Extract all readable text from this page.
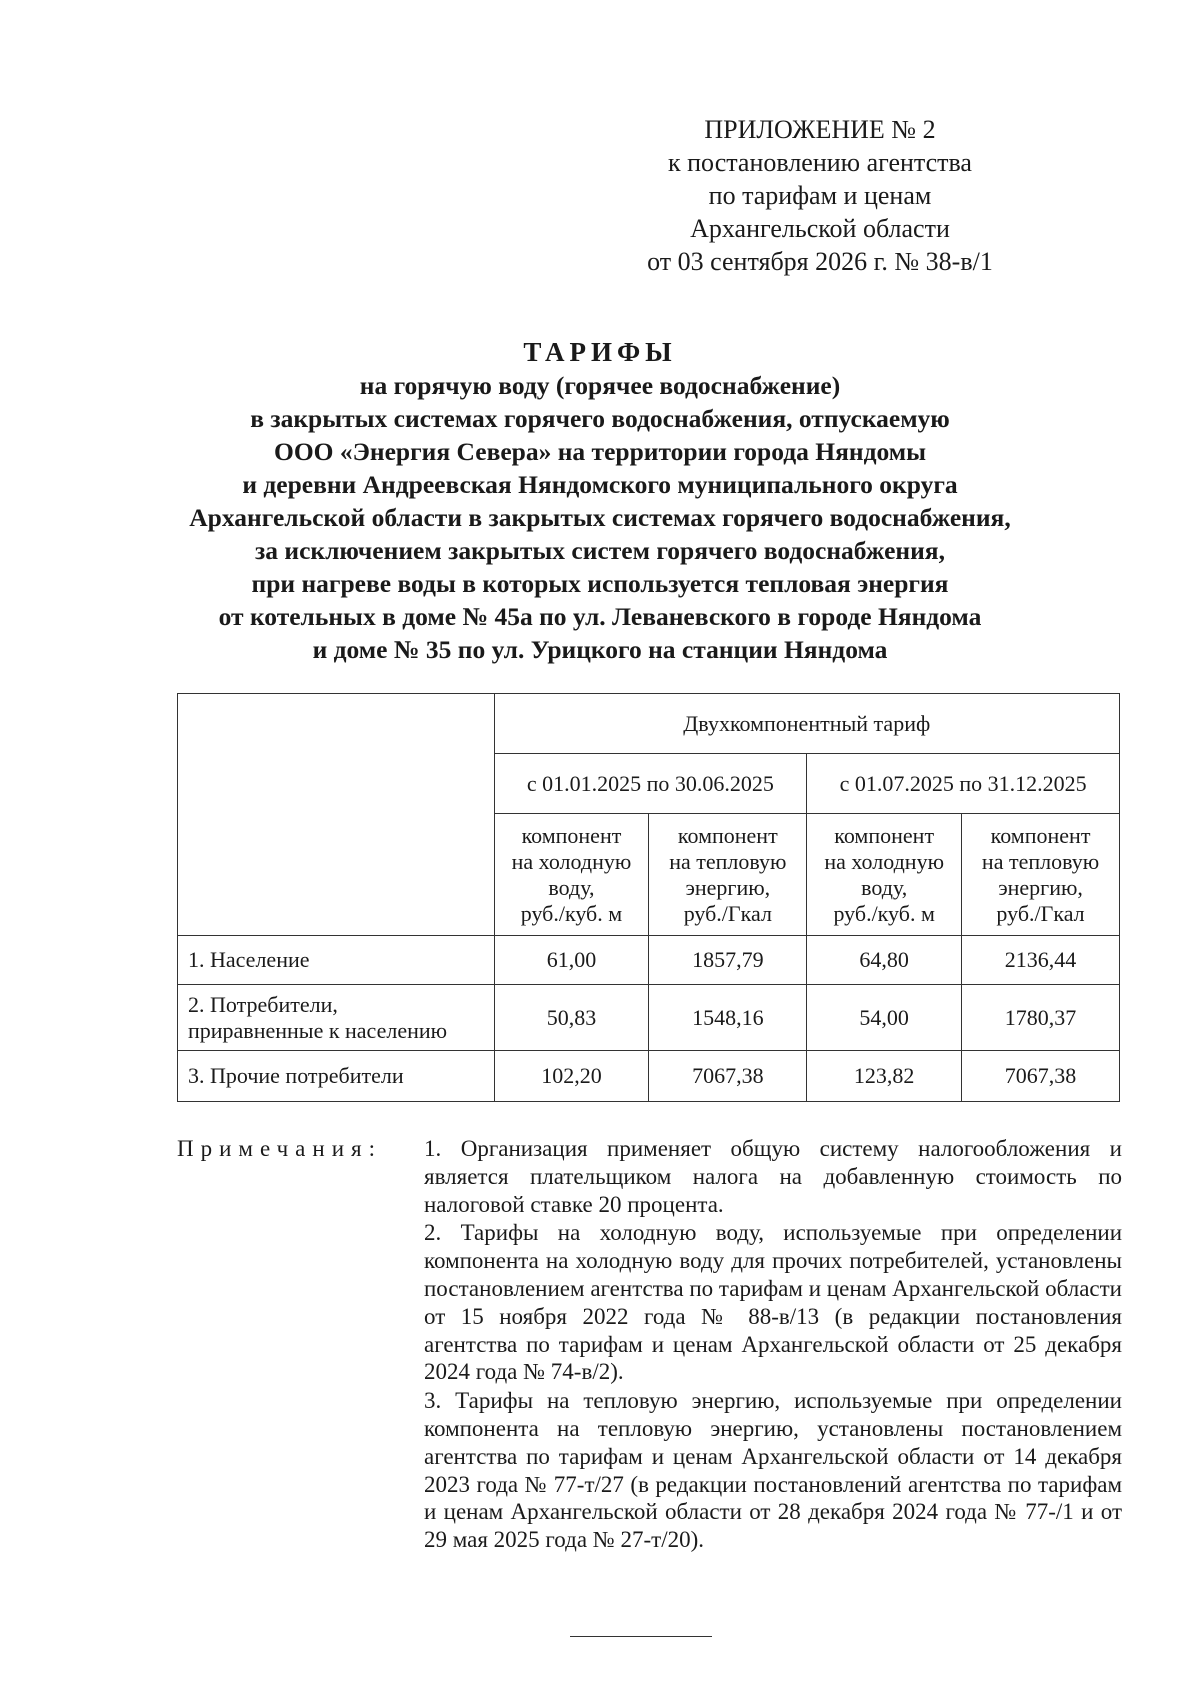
ПРИЛОЖЕНИЕ № 2
к постановлению агентства
по тарифам и ценам
Архангельской области
от 03 сентября 2026 г. № 38-в/1
ТАРИФЫ
на горячую воду (горячее водоснабжение)
в закрытых системах горячего водоснабжения, отпускаемую
ООО «Энергия Севера» на территории города Няндомы
и деревни Андреевская Няндомского муниципального округа
Архангельской области в закрытых системах горячего водоснабжения,
за исключением закрытых систем горячего водоснабжения,
при нагреве воды в которых используется тепловая энергия
от котельных в доме № 45а по ул. Леваневского в городе Няндома
и доме № 35 по ул. Урицкого на станции Няндома
	Двухкомпонентный тариф			
	с 01.01.2025 по 30.06.2025		с 01.07.2025 по 31.12.2025	
	компонент
на холодную
воду,
руб./куб. м	компонент
на тепловую
энергию,
руб./Гкал	компонент
на холодную
воду,
руб./куб. м	компонент
на тепловую
энергию,
руб./Гкал
1. Население	61,00	1857,79	64,80	2136,44
2. Потребители,
приравненные к населению	50,83	1548,16	54,00	1780,37
3. Прочие потребители	102,20	7067,38	123,82	7067,38
Примечания: 1. Организация применяет общую систему налогообложения и является плательщиком налога на добавленную стоимость по налоговой ставке 20 процента.

2. Тарифы на холодную воду, используемые при определении компонента на холодную воду для прочих потребителей, установлены постановлением агентства по тарифам и ценам Архангельской области от 15 ноября 2022 года № 88-в/13 (в редакции постановления агентства по тарифам и ценам Архангельской области от 25 декабря 2024 года № 74-в/2).

3. Тарифы на тепловую энергию, используемые при определении компонента на тепловую энергию, установлены постановлением агентства по тарифам и ценам Архангельской области от 14 декабря 2023 года № 77-т/27 (в редакции постановлений агентства по тарифам и ценам Архангельской области от 28 декабря 2024 года № 77-/1 и от 29 мая 2025 года № 27-т/20).
